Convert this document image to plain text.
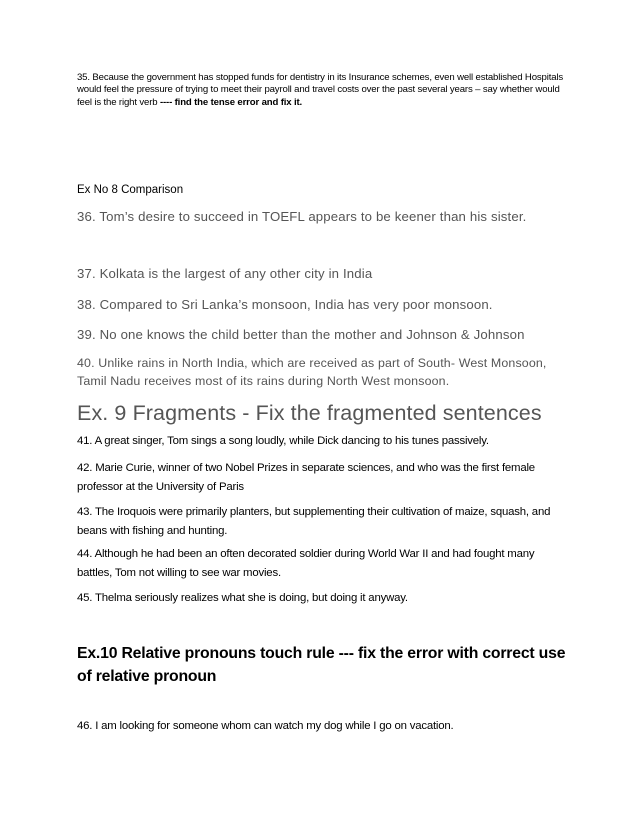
35. Because the government has stopped funds for dentistry in its Insurance schemes, even well established Hospitals would feel the pressure of trying to meet their payroll and travel costs over the past several years – say whether would feel is the right verb ---- find the tense error and fix it.
Ex No 8 Comparison
36. Tom’s desire to succeed in TOEFL appears to be keener than his sister.
37. Kolkata is the largest of any other city in India
38. Compared to Sri Lanka’s monsoon, India has very poor monsoon.
39. No one knows the child better than the mother and Johnson & Johnson
40. Unlike rains in North India, which are received as part of South- West Monsoon, Tamil Nadu receives most of its rains during North West monsoon.
Ex. 9 Fragments - Fix the fragmented sentences
41. A great singer, Tom sings a song loudly, while Dick dancing to his tunes passively.
42. Marie Curie, winner of two Nobel Prizes in separate sciences, and who was the first female professor at the University of Paris
43. The Iroquois were primarily planters, but supplementing their cultivation of maize, squash, and beans with fishing and hunting.
44. Although he had been an often decorated soldier during World War II and had fought many battles, Tom not willing to see war movies.
45. Thelma seriously realizes what she is doing, but doing it anyway.
Ex.10 Relative pronouns touch rule --- fix the error with correct use of relative pronoun
46. I am looking for someone whom can watch my dog while I go on vacation.
